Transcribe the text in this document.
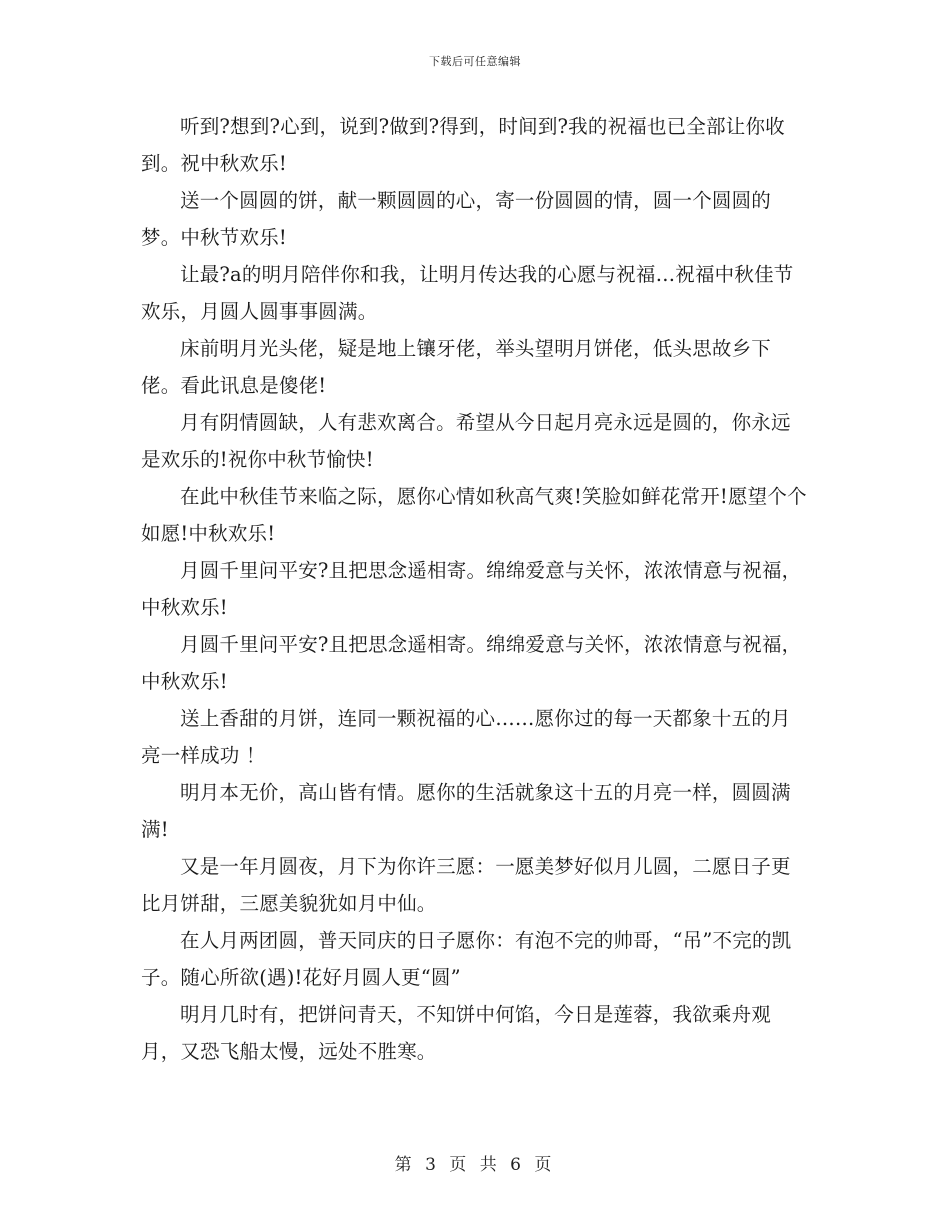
下载后可任意编辑

听到?想到?心到，说到?做到?得到，时间到?我的祝福也已全部让你收到。祝中秋欢乐!

送一个圆圆的饼，献一颗圆圆的心，寄一份圆圆的情，圆一个圆圆的梦。中秋节欢乐!

让最?a的明月陪伴你和我，让明月传达我的心愿与祝福…祝福中秋佳节欢乐，月圆人圆事事圆满。

床前明月光头佬，疑是地上镶牙佬，举头望明月饼佬，低头思故乡下佬。看此讯息是傻佬!

月有阴情圆缺，人有悲欢离合。希望从今日起月亮永远是圆的，你永远是欢乐的!祝你中秋节愉快!

在此中秋佳节来临之际，愿你心情如秋高气爽!笑脸如鲜花常开!愿望个个如愿!中秋欢乐!

月圆千里问平安?且把思念遥相寄。绵绵爱意与关怀，浓浓情意与祝福，中秋欢乐!

月圆千里问平安?且把思念遥相寄。绵绵爱意与关怀，浓浓情意与祝福，中秋欢乐!

送上香甜的月饼，连同一颗祝福的心……愿你过的每一天都象十五的月亮一样成功 ！

明月本无价，高山皆有情。愿你的生活就象这十五的月亮一样，圆圆满满!

又是一年月圆夜，月下为你许三愿：一愿美梦好似月儿圆，二愿日子更比月饼甜，三愿美貌犹如月中仙。

在人月两团圆，普天同庆的日子愿你：有泡不完的帅哥，“吊”不完的凯子。随心所欲(遇)!花好月圆人更“圆”

明月几时有，把饼问青天，不知饼中何馅，今日是莲蓉，我欲乘舟观月，又恐飞船太慢，远处不胜寒。

第 3 页 共 6 页
